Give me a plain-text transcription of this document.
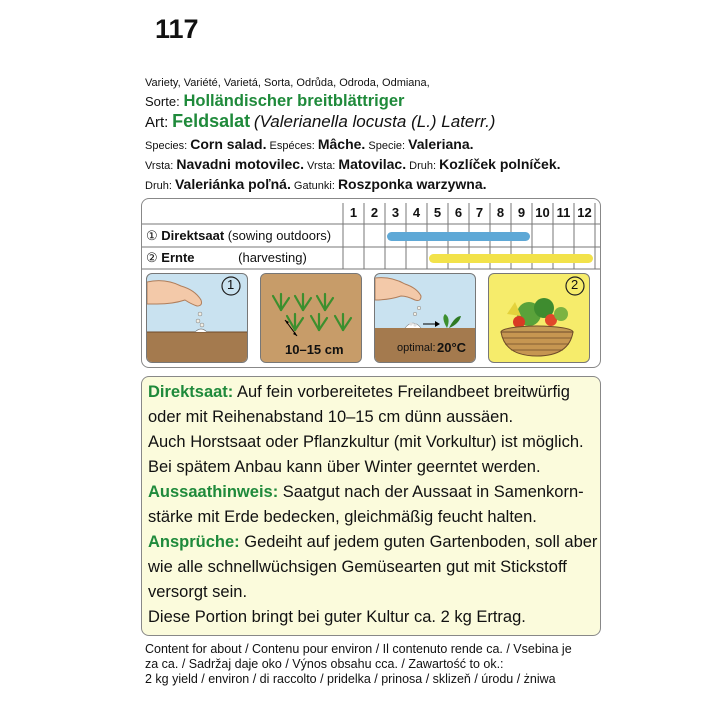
117
Variety, Variété, Varietá, Sorta, Odrůda, Odroda, Odmiana,
Sorte: Holländischer breitblättriger
Art: Feldsalat (Valerianella locusta (L.) Laterr.)
Species: Corn salad. Espéces: Mâche. Specie: Valeriana.
Vrsta: Navadni motovilec. Vrsta: Matovilac. Druh: Kozlíček polníček.
Druh: Valeriánka poľná. Gatunki: Roszponka warzywna.
1	2	3	4	5	6	7	8	9 10 11 12
① Direktsaat (sowing outdoors)
② Ernte	(harvesting)
1
10–15 cm	optimal: 20°C
2
Direktsaat: Auf fein vorbereitetes Freilandbeet breitwürfig
oder mit Reihenabstand 10–15 cm dünn aussäen.
Auch Horstsaat oder Pflanzkultur (mit Vorkultur) ist möglich.
Bei spätem Anbau kann über Winter geerntet werden.
Aussaathinweis: Saatgut nach der Aussaat in Samenkorn-
stärke mit Erde bedecken, gleichmäßig feucht halten.
Ansprüche: Gedeiht auf jedem guten Gartenboden, soll aber
wie alle schnellwüchsigen Gemüsearten gut mit Stickstoff
versorgt sein.
Diese Portion bringt bei guter Kultur ca. 2 kg Ertrag.
Content for about / Contenu pour environ / Il contenuto rende ca. / Vsebina je
za ca. / Sadržaj daje oko / Výnos obsahu cca. / Zawartość to ok.:
2 kg yield / environ / di raccolto / pridelka / prinosa / sklizeň / úrodu / żniwa
